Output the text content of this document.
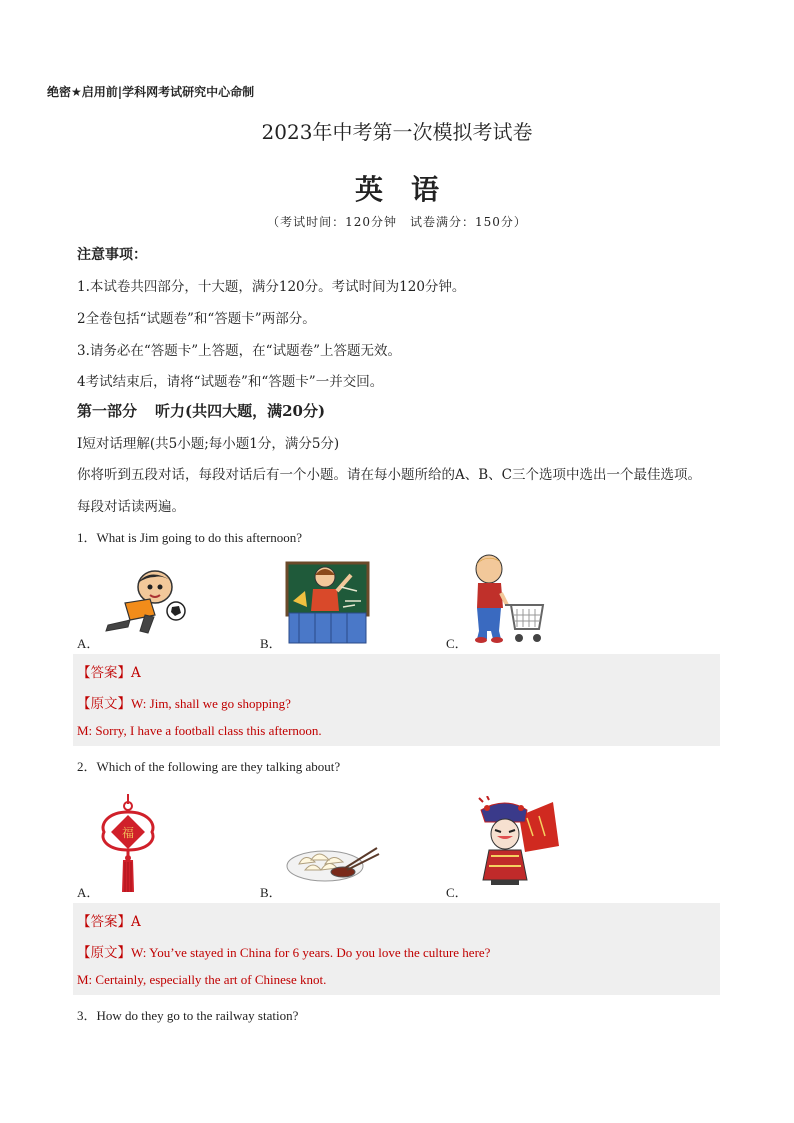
绝密★启用前|学科网考试研究中心命制
2023年中考第一次模拟考试卷
英语
（考试时间：120分钟　试卷满分：150分）
注意事项：
1.本试卷共四部分，十大题，满分120分。考试时间为120分钟。
2全卷包括“试题卷”和“答题卡”两部分。
3.请务必在“答题卡”上答题，在“试题卷”上答题无效。
4考试结束后，请将“试题卷”和“答题卡”一并交回。
第一部分 听力(共四大题，满20分)
Ⅰ短对话理解(共5小题;每小题1分，满分5分)
你将听到五段对话，每段对话后有一个小题。请在每小题所给的A、B、C三个选项中选出一个最佳选项。
每段对话读两遍。
1．What is Jim going to do this afternoon?
A．	B．	C．
【答案】A
【原文】W: Jim, shall we go shopping?
M: Sorry, I have a football class this afternoon.
2．Which of the following are they talking about?
福
A．	B．	C．
【答案】A
【原文】W: You’ve stayed in China for 6 years. Do you love the culture here?
M: Certainly, especially the art of Chinese knot.
3．How do they go to the railway station?
